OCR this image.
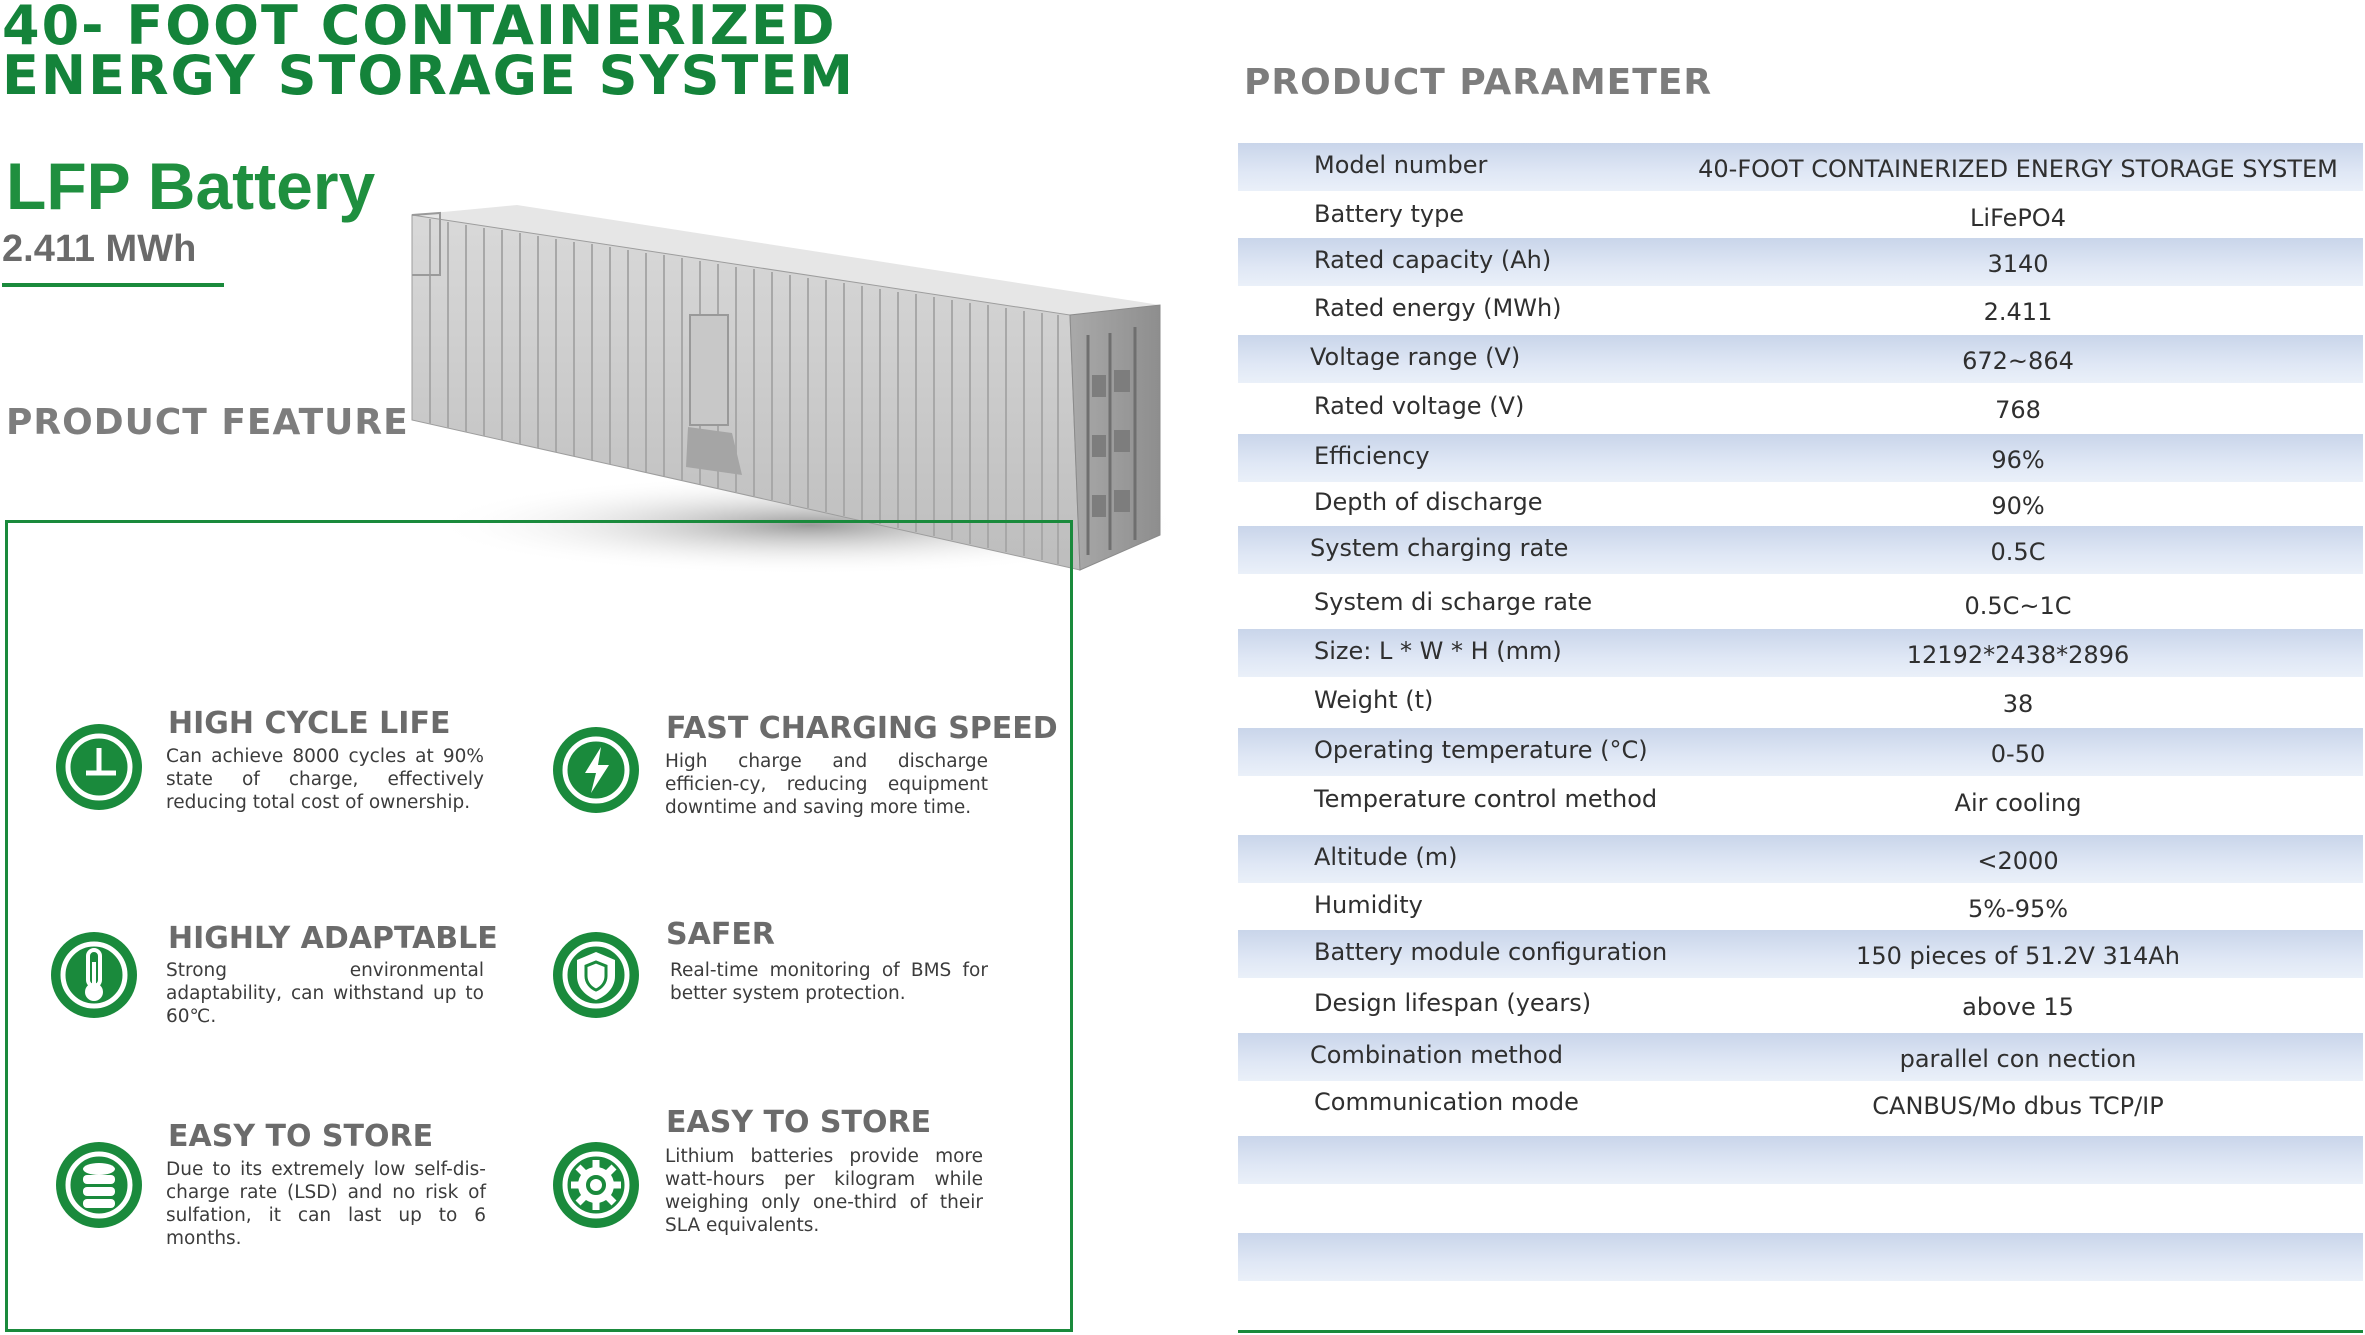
40- FOOT CONTAINERIZED
ENERGY STORAGE SYSTEM
LFP Battery
2.411 MWh
PRODUCT FEATURE
HIGH CYCLE LIFE
Can achieve 8000 cycles at 90% state of charge, effectively reducing total cost of ownership.
FAST CHARGING SPEED
High charge and discharge efficien-cy, reducing equipment downtime and saving more time.
HIGHLY ADAPTABLE
Strong environmental adaptability, can withstand up to 60℃.
SAFER
Real-time monitoring of BMS for better system protection.
EASY TO STORE
Due to its extremely low self-dis-charge rate (LSD) and no risk of sulfation, it can last up to 6 months.
EASY TO STORE
Lithium batteries provide more watt-hours per kilogram while weighing only one-third of their SLA equivalents.
PRODUCT PARAMETER
Model number	40-FOOT CONTAINERIZED ENERGY STORAGE SYSTEM
Battery type	LiFePO4
Rated capacity (Ah)	3140
Rated energy (MWh)	2.411
Voltage range (V)	672~864
Rated voltage (V)	768
Efficiency	96%
Depth of discharge	90%
System charging rate	0.5C
System di scharge rate	0.5C~1C
Size: L * W * H (mm)	12192*2438*2896
Weight (t)	38
Operating temperature (°C)	0-50
Temperature control method	Air cooling
Altitude (m)	<2000
Humidity	5%-95%
Battery module configuration	150 pieces of 51.2V 314Ah
Design lifespan (years)	above 15
Combination method	parallel con nection
Communication mode	CANBUS/Mo dbus TCP/IP
